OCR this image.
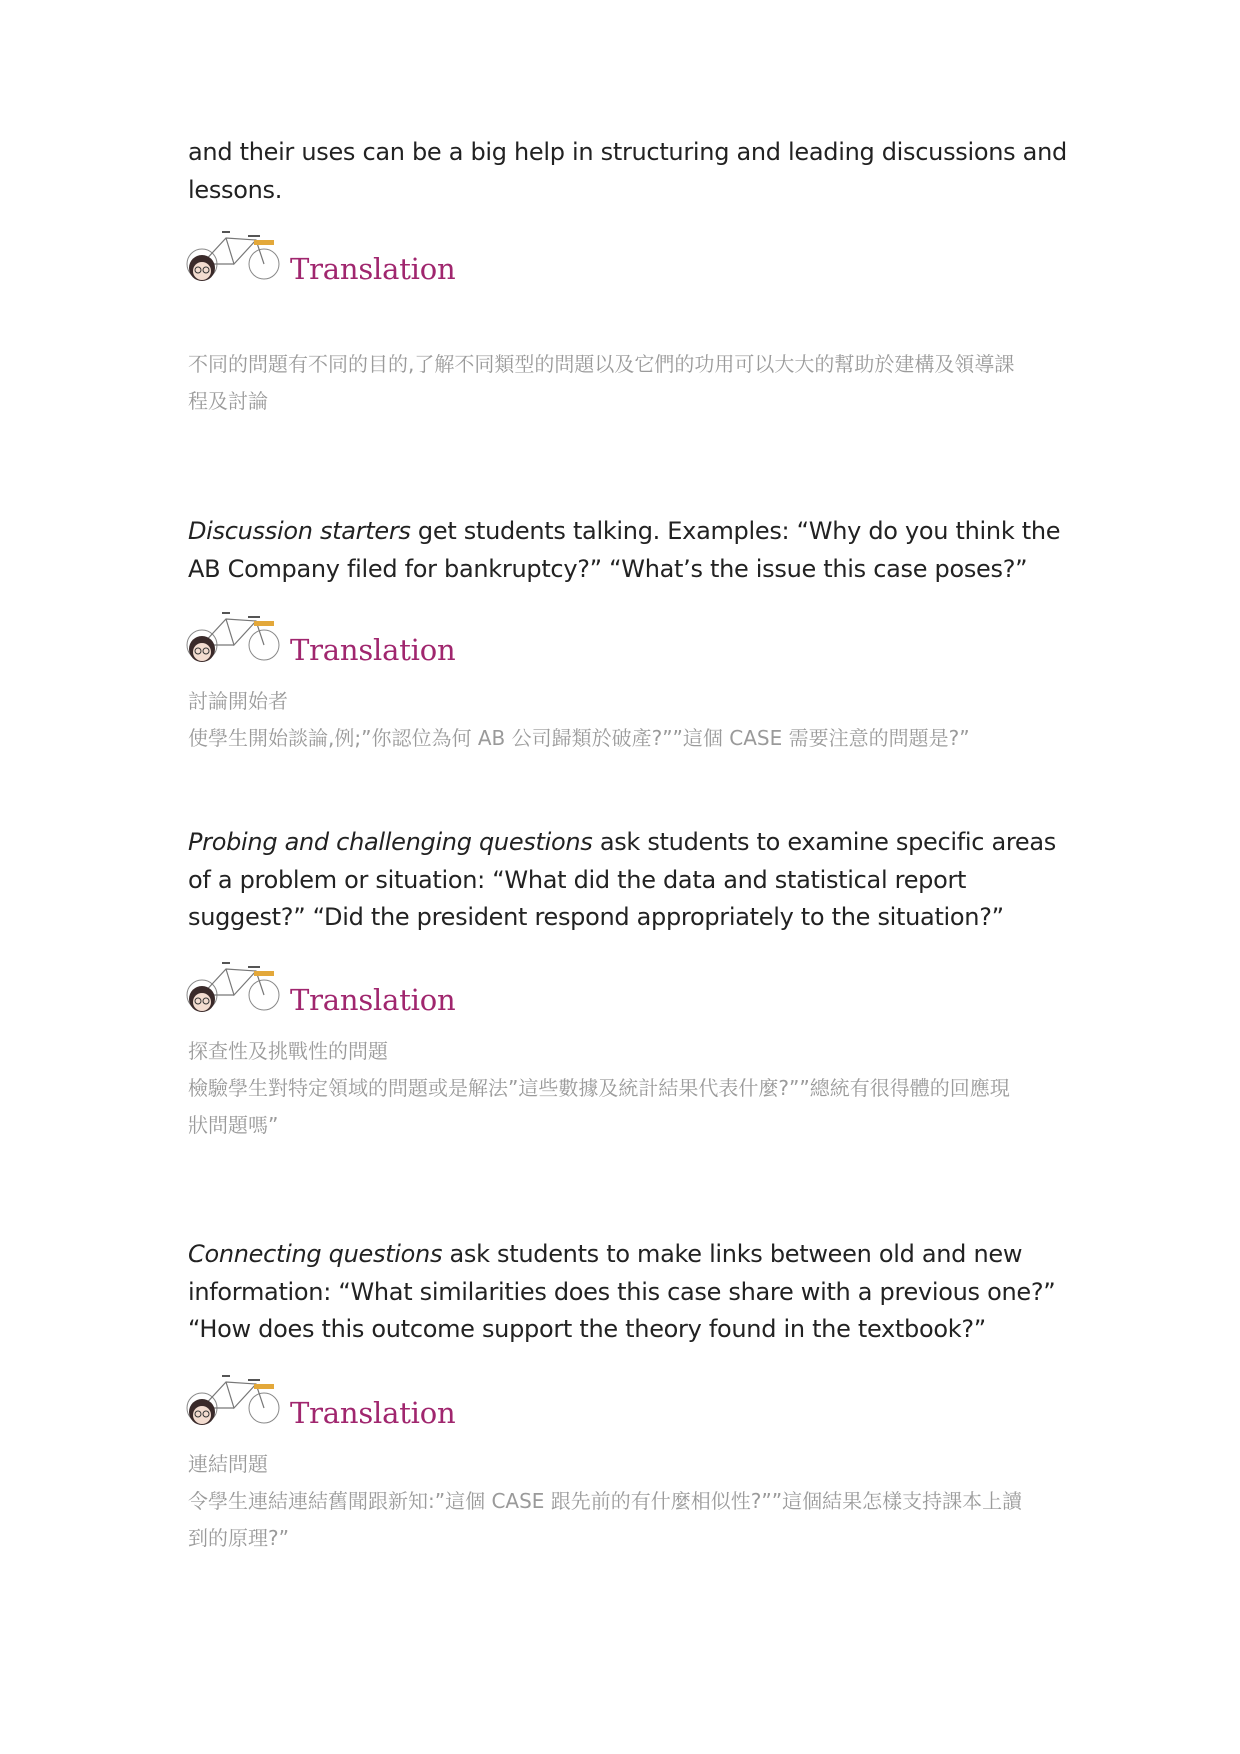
and their uses can be a big help in structuring and leading discussions and lessons.

Translation
不同的問題有不同的目的,了解不同類型的問題以及它們的功用可以大大的幫助於建構及領導課
程及討論

Discussion starters get students talking. Examples: “Why do you think the AB Company filed for bankruptcy?” “What’s the issue this case poses?”

Translation
討論開始者
使學生開始談論,例;”你認位為何 AB 公司歸類於破產?””這個 CASE 需要注意的問題是?”

Probing and challenging questions ask students to examine specific areas of a problem or situation: “What did the data and statistical report suggest?” “Did the president respond appropriately to the situation?”

Translation
探查性及挑戰性的問題
檢驗學生對特定領域的問題或是解法”這些數據及統計結果代表什麼?””總統有很得體的回應現
狀問題嗎”

Connecting questions ask students to make links between old and new information: “What similarities does this case share with a previous one?” “How does this outcome support the theory found in the textbook?”

Translation
連結問題
令學生連結連結舊聞跟新知:”這個 CASE 跟先前的有什麼相似性?””這個結果怎樣支持課本上讀
到的原理?”
